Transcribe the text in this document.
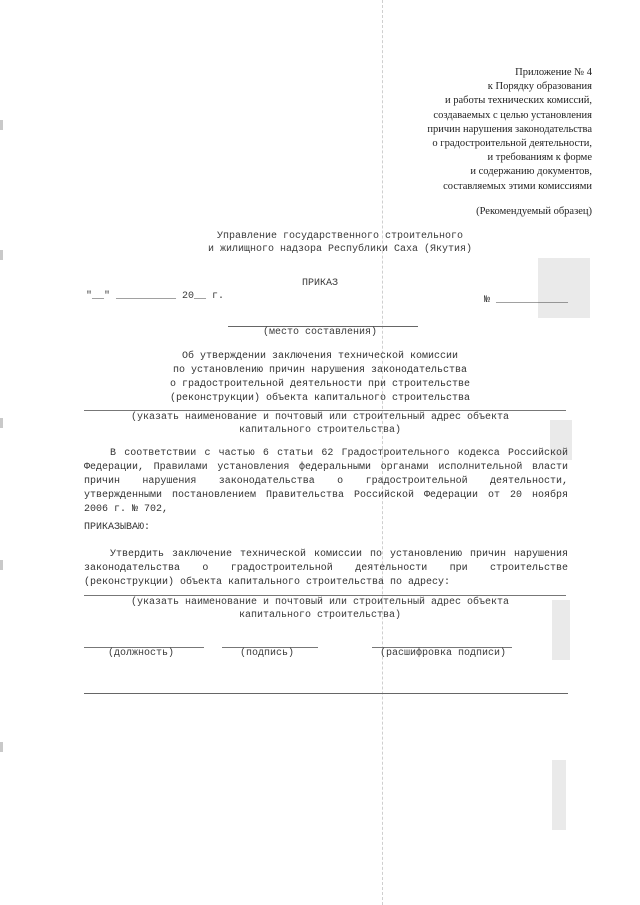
Приложение № 4
к Порядку образования
и работы технических комиссий,
создаваемых с целью установления
причин нарушения законодательства
о градостроительной деятельности,
и требованиям к форме
и содержанию документов,
составляемых этими комиссиями
(Рекомендуемый образец)
Управление государственного строительного
и жилищного надзора Республики Саха (Якутия)
ПРИКАЗ
"__" __________ 20__ г.	№ ____________
(место составления)
Об утверждении заключения технической комиссии
по установлению причин нарушения законодательства
о градостроительной деятельности при строительстве
(реконструкции) объекта капитального строительства
(указать наименование и почтовый или строительный адрес объекта
капитального строительства)
В соответствии с частью 6 статьи 62 Градостроительного кодекса Российской Федерации, Правилами установления федеральными органами исполнительной власти причин нарушения законодательства о градостроительной деятельности, утвержденными постановлением Правительства Российской Федерации от 20 ноября 2006 г. № 702,
ПРИКАЗЫВАЮ:
Утвердить заключение технической комиссии по установлению причин нарушения законодательства о градостроительной деятельности при строительстве (реконструкции) объекта капитального строительства по адресу:
(указать наименование и почтовый или строительный адрес объекта
капитального строительства)
(должность)	(подпись)	(расшифровка подписи)
